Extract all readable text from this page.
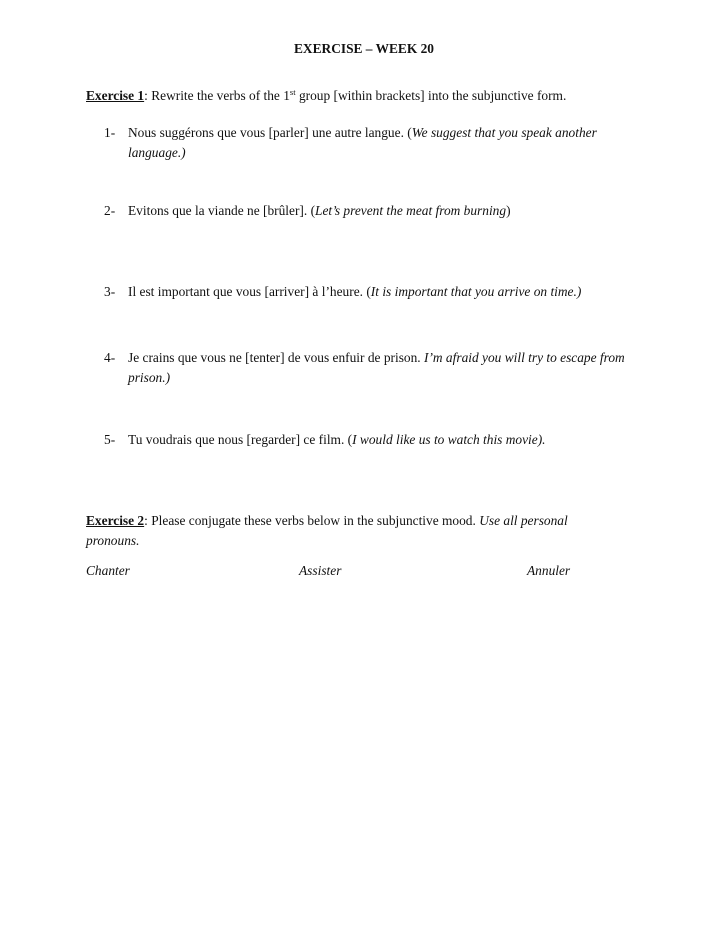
EXERCISE – WEEK 20
Exercise 1: Rewrite the verbs of the 1st group [within brackets] into the subjunctive form.
1- Nous suggérons que vous [parler] une autre langue. (We suggest that you speak another language.)
2- Evitons que la viande ne [brûler]. (Let’s prevent the meat from burning)
3- Il est important que vous [arriver] à l’heure. (It is important that you arrive on time.)
4- Je crains que vous ne [tenter] de vous enfuir de prison. I’m afraid you will try to escape from prison.)
5- Tu voudrais que nous [regarder] ce film. (I would like us to watch this movie).
Exercise 2: Please conjugate these verbs below in the subjunctive mood. Use all personal pronouns.
Chanter	Assister	Annuler
